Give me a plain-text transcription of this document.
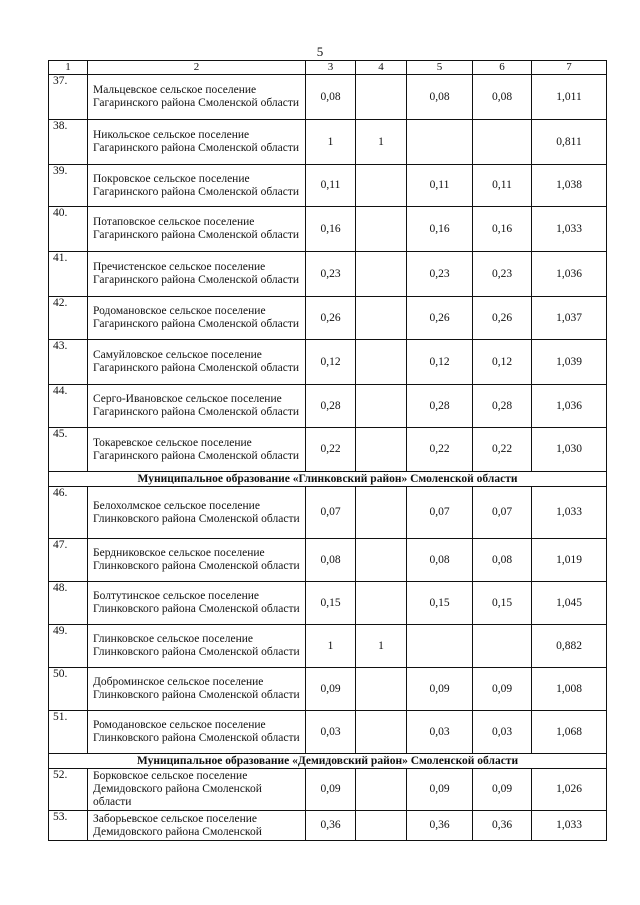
5
1	2	3	4	5	6	7
37.	Мальцевское сельское поселение Гагаринского района Смоленской области	0,08		0,08	0,08	1,011
38.	Никольское сельское поселение Гагаринского района Смоленской области	1	1			0,811
39.	Покровское сельское поселение Гагаринского района Смоленской области	0,11		0,11	0,11	1,038
40.	Потаповское сельское поселение Гагаринского района Смоленской области	0,16		0,16	0,16	1,033
41.	Пречистенское сельское поселение Гагаринского района Смоленской области	0,23		0,23	0,23	1,036
42.	Родомановское сельское поселение Гагаринского района Смоленской области	0,26		0,26	0,26	1,037
43.	Самуйловское сельское поселение Гагаринского района Смоленской области	0,12		0,12	0,12	1,039
44.	Серго-Ивановское сельское поселение Гагаринского района Смоленской области	0,28		0,28	0,28	1,036
45.	Токаревское сельское поселение Гагаринского района Смоленской области	0,22		0,22	0,22	1,030
Муниципальное образование «Глинковский район» Смоленской области						
46.	Белохолмское сельское поселение Глинковского района Смоленской области	0,07		0,07	0,07	1,033
47.	Бердниковское сельское поселение Глинковского района Смоленской области	0,08		0,08	0,08	1,019
48.	Болтутинское сельское поселение Глинковского района Смоленской области	0,15		0,15	0,15	1,045
49.	Глинковское сельское поселение Глинковского района Смоленской области	1	1			0,882
50.	Доброминское сельское поселение Глинковского района Смоленской области	0,09		0,09	0,09	1,008
51.	Ромодановское сельское поселение Глинковского района Смоленской области	0,03		0,03	0,03	1,068
Муниципальное образование «Демидовский район» Смоленской области						
52.	Борковское сельское поселение Демидовского района Смоленской области	0,09		0,09	0,09	1,026
53.	Заборьевское сельское поселение Демидовского района Смоленской	0,36		0,36	0,36	1,033
